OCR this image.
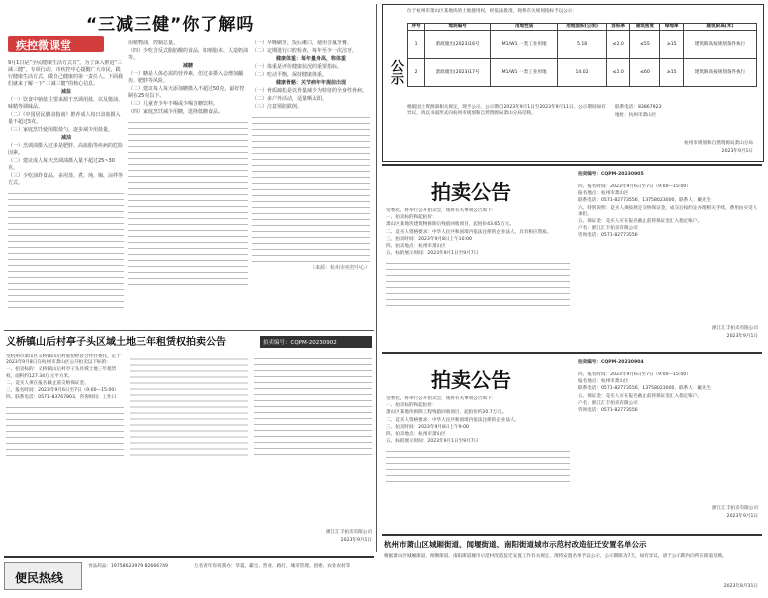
“三减三健”你了解吗
疾控微课堂

9月1日是“全民健康生活方式日”。为了深入推进“三减三健”，专项行动，市疾控中心提醒广大市民，践行健康生活方式，做自己健康的第一责任人。下面我们就来了解一下“三减三健”的核心信息。

减盐

（一）饮食中钠盐主要来源于烹调用盐，以及酱油、味精等调味品。

（二）《中国居民膳食指南》推荐成人每日食盐摄入量不超过5克。

（三）家庭烹饪使用限盐勺，逐步减少用盐量。

减油

（一）烹调油摄入过多是肥胖、高血脂等疾病的危险因素。

（二）建议成人每天烹调油摄入量不超过25~30克。

（三）少吃油炸食品，多用蒸、煮、炖、焖、凉拌等方式。

用植物油，控制总量。

（四）少吃含反式脂肪酸的食品，如植脂末、人造奶油等。

减糖

（一）糖是人体必需的营养素，但过多摄入会增加龋齿、肥胖等风险。

（二）建议每人每天添加糖摄入不超过50克，最好控制在25克以下。

（三）儿童青少年不喝或少喝含糖饮料。

（四）家庭烹饪减少用糖，选择低糖食品。

（一）早晚刷牙，饭后漱口，使用含氟牙膏。

（二）定期进行口腔检查，每年至少一次洁牙。

健康体重：每年量身高，称体重

（一）体重是评价健康状况的重要指标。

（二）吃动平衡，保持健康体重。

健康骨骼：关节病年年提前出现

（一）骨质疏松是以骨量减少为特征的全身性骨病。

（二）多户外活动，适量晒太阳。

（三）注意预防跌倒。

（来源：杭州市疾控中心）
公示
位于杭州市萧山区某地块的土地使用权，经依法批准，现将有关规划指标予以公示：
序号	地块编号	用地性质	用地面积(公顷)	容积率	建筑密度	绿地率	建筑限高(米)
1	萧政储出(2023)16号	M1/W1 一类工业用地	5.18	≤2.0	≤55	≥15	建筑限高按规划条件执行
2	萧政储出(2023)17号	M1/W1 一类工业用地	14.02	≤2.0	≤60	≥15	建筑限高按规划条件执行
根据国土资源部相关规定，现予公示，公示期自2023年9月1日至2023年9月11日。公示期间如有异议，请以书面形式向杭州市规划和自然资源局萧山分局反映。
联系电话：83867923
地址：杭州市萧山区
杭州市规划和自然资源局萧山分局
2023年9月1日
拍卖公告
拍卖编号：CQPM-20230905

受委托，将举行公开拍卖会，现将有关事项公告如下：

一、拍卖标的和起拍价：

萧山区某地块建筑物拆除后残值回收项目，起拍价43.65万元。

二、竞买人资格要求：中华人民共和国境内依法注册的企业法人，具有相应资质。

三、拍卖时间：2023年9月8日上午10:00

四、拍卖地点：杭州市萧山区

五、标的展示时间：2023年9月1日至9月7日

四、报名时间：2023年9月6日至7日（9:00—15:00）

报名地点：杭州市萧山区

联系电话：0571-82773556，13758023000，联系人：戴先生

六、特别说明：竞买人须按规定交纳保证金，成交后按约定办理相关手续，费用由买受人承担。

五、保证金：竞买人应在报名截止前将保证金汇入指定账户。

户名：浙江汇丰拍卖有限公司

咨询电话：0571-82773556

浙江汇丰拍卖有限公司
2023年9月1日
拍卖公告
拍卖编号：CQPM-20230904

受委托，将举行公开拍卖会，现将有关事项公告如下：

一、拍卖标的和起拍价：

萧山区某地块拆除工程残值回收项目，起拍价约20.7万元。

二、竞买人资格要求：中华人民共和国境内依法注册的企业法人。

三、拍卖时间：2023年9月8日上午9:00

四、拍卖地点：杭州市萧山区

五、标的展示时间：2023年9月1日至9月7日

四、报名时间：2023年9月6日至7日（9:00—15:00）

报名地点：杭州市萧山区

联系电话：0571-82773556，13758023000，联系人：戴先生

五、保证金：竞买人应在报名截止前将保证金汇入指定账户。

户名：浙江汇丰拍卖有限公司

咨询电话：0571-82773556

浙江汇丰拍卖有限公司
2023年9月1日
义桥镇山后村亭子头区域土地三年租赁权拍卖公告	拍卖编号：CQPM-20230902

受杭州市萧山区义桥镇山后村股份经济合作社委托，定于2023年9月8日在杭州市萧山区公开拍卖以下标的：

一、拍卖标的：义桥镇山后村亭子头区域土地三年租赁权，面积约127.34万元平方米。

二、竞买人须在报名截止前交纳保证金。

三、报名时间：2023年9月6日至7日（9:00—15:00）

四、联系电话：0571-83767803，咨询时间：工作日

浙江汇丰拍卖有限公司
2023年9月1日
便民热线
食品药品：19758623979 82666749	万名青年你说我办：华夏、霸宝、营业、路灯，城市管理、团委、农业农村等
杭州市萧山区城厢街道、闻堰街道、南阳街道城市示范村改造征迁安置名单公示
根据萧山区城厢街道、闻堰街道、南阳街道城市示范村改造征迁安置工作有关规定，现将安置名单予以公示，公示期限为7天，如有异议，请于公示期内向所在街道反映。
2023年8月31日
